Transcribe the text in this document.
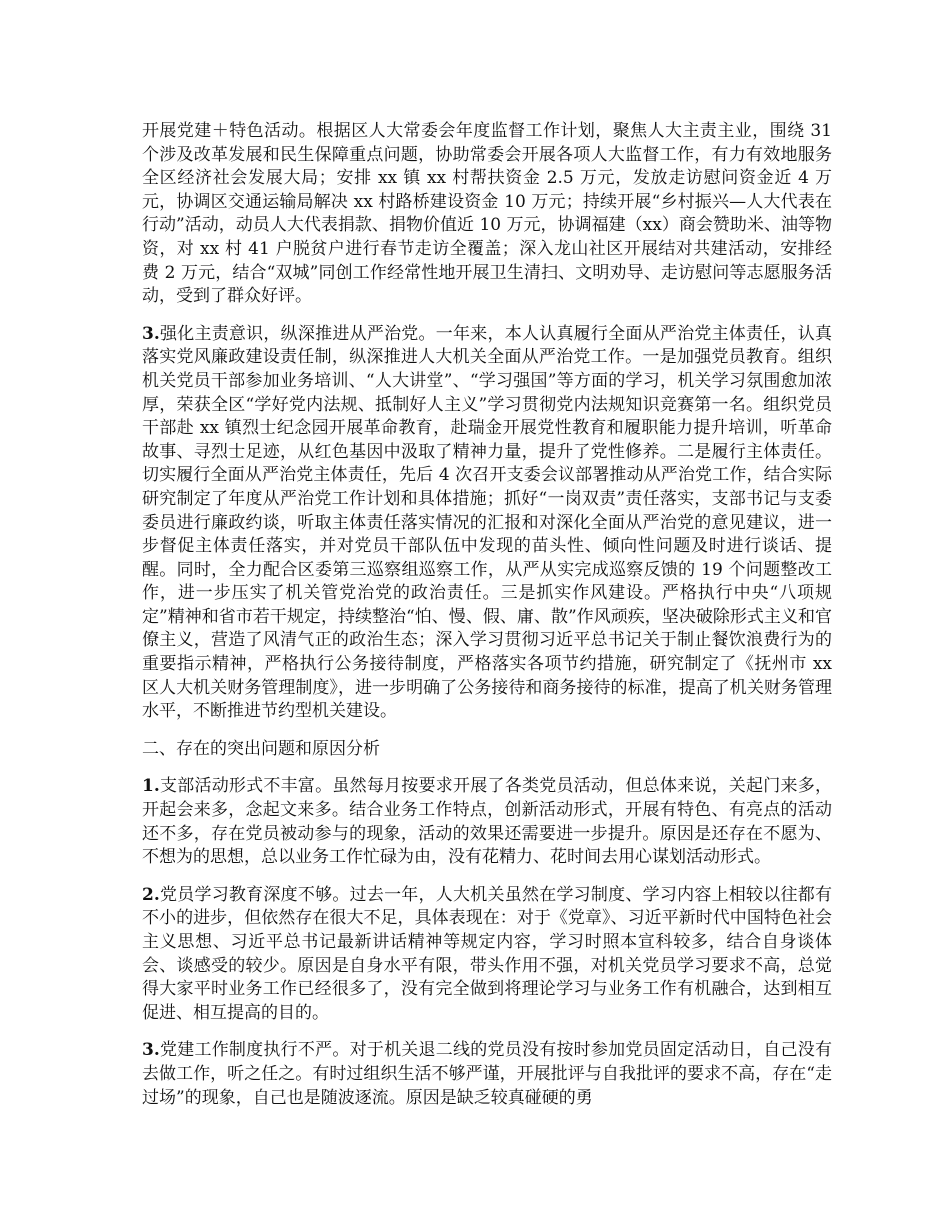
开展党建＋特色活动。根据区人大常委会年度监督工作计划，聚焦人大主责主业，围绕 31 个涉及改革发展和民生保障重点问题，协助常委会开展各项人大监督工作，有力有效地服务全区经济社会发展大局；安排 xx 镇 xx 村帮扶资金 2.5 万元，发放走访慰问资金近 4 万元，协调区交通运输局解决 xx 村路桥建设资金 10 万元；持续开展“乡村振兴—人大代表在行动”活动，动员人大代表捐款、捐物价值近 10 万元，协调福建（xx）商会赞助米、油等物资，对 xx 村 41 户脱贫户进行春节走访全覆盖；深入龙山社区开展结对共建活动，安排经费 2 万元，结合“双城”同创工作经常性地开展卫生清扫、文明劝导、走访慰问等志愿服务活动，受到了群众好评。

3.强化主责意识，纵深推进从严治党。一年来，本人认真履行全面从严治党主体责任，认真落实党风廉政建设责任制，纵深推进人大机关全面从严治党工作。一是加强党员教育。组织机关党员干部参加业务培训、“人大讲堂”、“学习强国”等方面的学习，机关学习氛围愈加浓厚，荣获全区“学好党内法规、抵制好人主义”学习贯彻党内法规知识竞赛第一名。组织党员干部赴 xx 镇烈士纪念园开展革命教育，赴瑞金开展党性教育和履职能力提升培训，听革命故事、寻烈士足迹，从红色基因中汲取了精神力量，提升了党性修养。二是履行主体责任。切实履行全面从严治党主体责任，先后 4 次召开支委会议部署推动从严治党工作，结合实际研究制定了年度从严治党工作计划和具体措施；抓好“一岗双责”责任落实，支部书记与支委委员进行廉政约谈，听取主体责任落实情况的汇报和对深化全面从严治党的意见建议，进一步督促主体责任落实，并对党员干部队伍中发现的苗头性、倾向性问题及时进行谈话、提醒。同时，全力配合区委第三巡察组巡察工作，从严从实完成巡察反馈的 19 个问题整改工作，进一步压实了机关管党治党的政治责任。三是抓实作风建设。严格执行中央“八项规定”精神和省市若干规定，持续整治“怕、慢、假、庸、散”作风顽疾，坚决破除形式主义和官僚主义，营造了风清气正的政治生态；深入学习贯彻习近平总书记关于制止餐饮浪费行为的重要指示精神，严格执行公务接待制度，严格落实各项节约措施，研究制定了《抚州市 xx 区人大机关财务管理制度》，进一步明确了公务接待和商务接待的标准，提高了机关财务管理水平，不断推进节约型机关建设。

二、存在的突出问题和原因分析

1.支部活动形式不丰富。虽然每月按要求开展了各类党员活动，但总体来说，关起门来多，开起会来多，念起文来多。结合业务工作特点，创新活动形式，开展有特色、有亮点的活动还不多，存在党员被动参与的现象，活动的效果还需要进一步提升。原因是还存在不愿为、不想为的思想，总以业务工作忙碌为由，没有花精力、花时间去用心谋划活动形式。

2.党员学习教育深度不够。过去一年，人大机关虽然在学习制度、学习内容上相较以往都有不小的进步，但依然存在很大不足，具体表现在：对于《党章》、习近平新时代中国特色社会主义思想、习近平总书记最新讲话精神等规定内容，学习时照本宣科较多，结合自身谈体会、谈感受的较少。原因是自身水平有限，带头作用不强，对机关党员学习要求不高，总觉得大家平时业务工作已经很多了，没有完全做到将理论学习与业务工作有机融合，达到相互促进、相互提高的目的。

3.党建工作制度执行不严。对于机关退二线的党员没有按时参加党员固定活动日，自己没有去做工作，听之任之。有时过组织生活不够严谨，开展批评与自我批评的要求不高，存在“走过场”的现象，自己也是随波逐流。原因是缺乏较真碰硬的勇
